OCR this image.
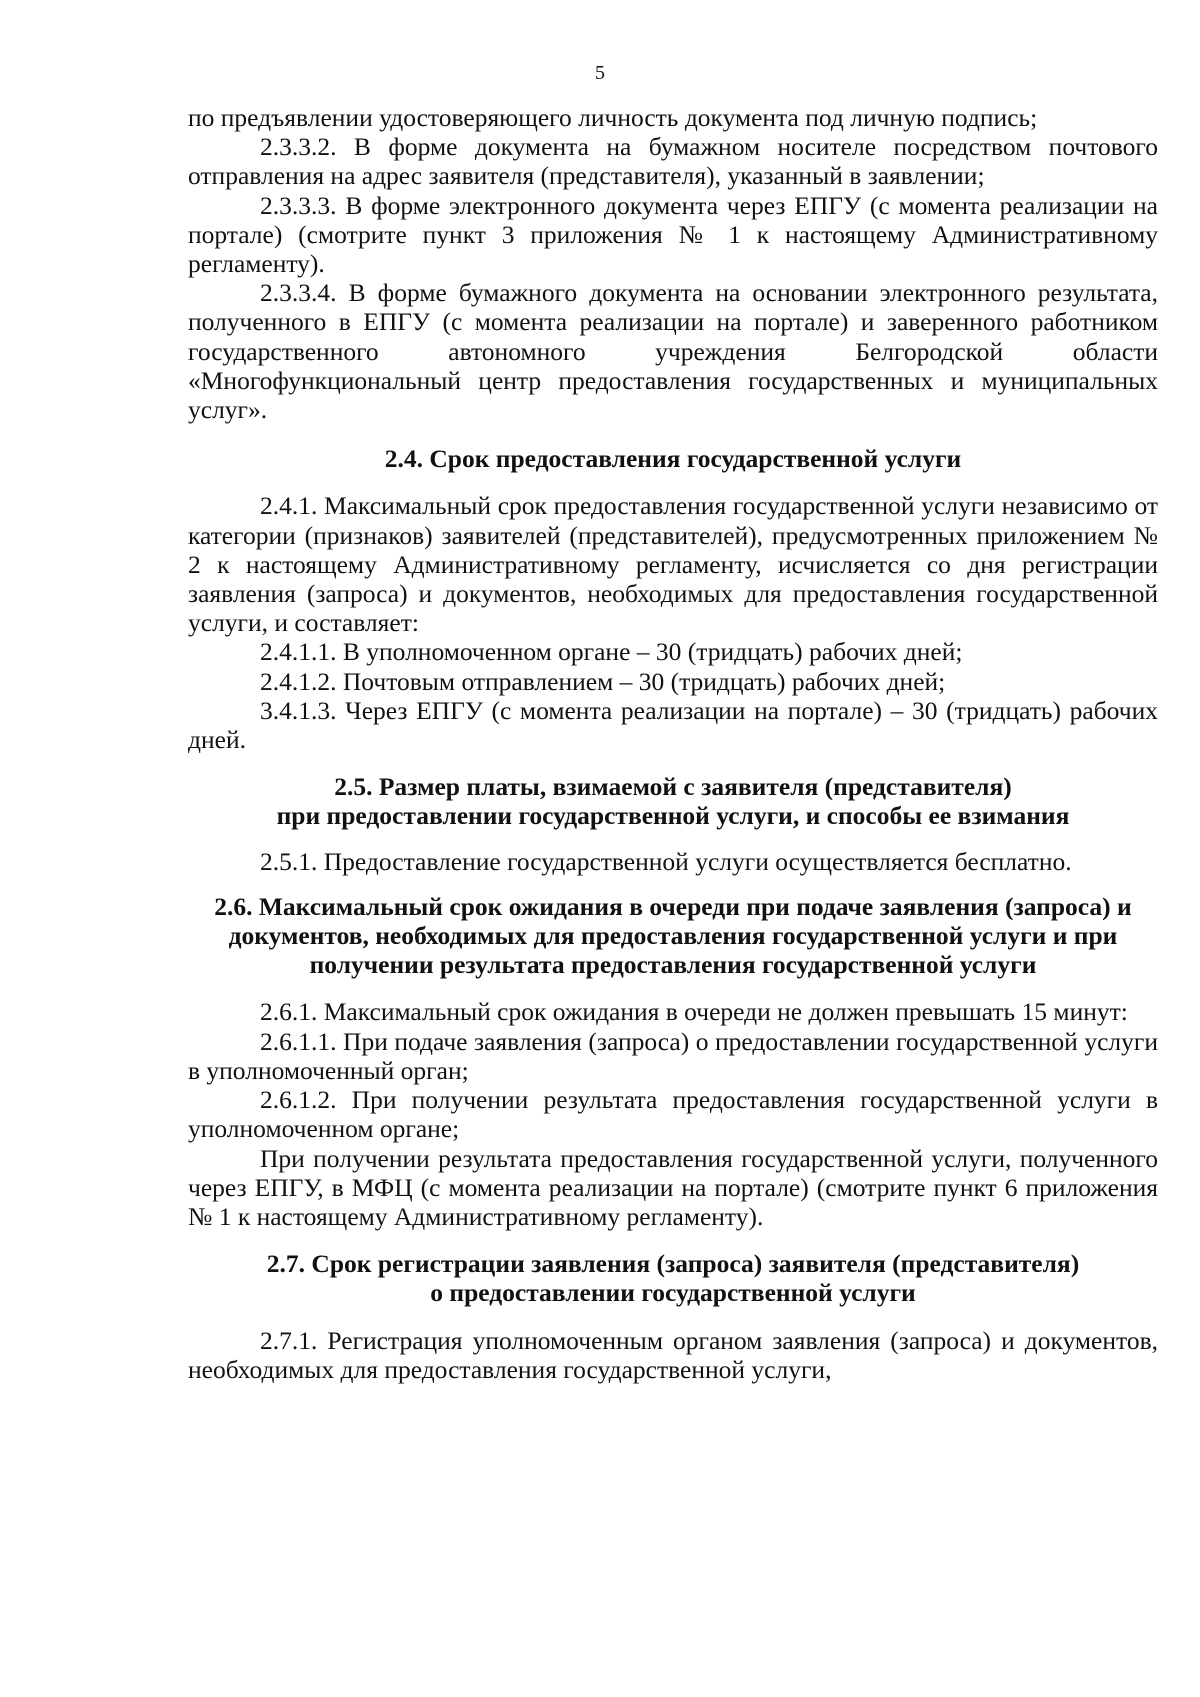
5

по предъявлении удостоверяющего личность документа под личную подпись;

2.3.3.2. В форме документа на бумажном носителе посредством почтового отправления на адрес заявителя (представителя), указанный в заявлении;

2.3.3.3. В форме электронного документа через ЕПГУ (с момента реализации на портале) (смотрите пункт 3 приложения № 1 к настоящему Административному регламенту).

2.3.3.4. В форме бумажного документа на основании электронного результата, полученного в ЕПГУ (с момента реализации на портале) и заверенного работником государственного автономного учреждения Белгородской области «Многофункциональный центр предоставления государственных и муниципальных услуг».

2.4. Срок предоставления государственной услуги

2.4.1. Максимальный срок предоставления государственной услуги независимо от категории (признаков) заявителей (представителей), предусмотренных приложением № 2 к настоящему Административному регламенту, исчисляется со дня регистрации заявления (запроса) и документов, необходимых для предоставления государственной услуги, и составляет:

2.4.1.1. В уполномоченном органе – 30 (тридцать) рабочих дней;

2.4.1.2. Почтовым отправлением – 30 (тридцать) рабочих дней;

3.4.1.3. Через ЕПГУ (с момента реализации на портале) – 30 (тридцать) рабочих дней.

2.5. Размер платы, взимаемой с заявителя (представителя)
при предоставлении государственной услуги, и способы ее взимания

2.5.1. Предоставление государственной услуги осуществляется бесплатно.

2.6. Максимальный срок ожидания в очереди при подаче заявления (запроса) и документов, необходимых для предоставления государственной услуги и при получении результата предоставления государственной услуги

2.6.1. Максимальный срок ожидания в очереди не должен превышать 15 минут:

2.6.1.1. При подаче заявления (запроса) о предоставлении государственной услуги в уполномоченный орган;

2.6.1.2. При получении результата предоставления государственной услуги в уполномоченном органе;

При получении результата предоставления государственной услуги, полученного через ЕПГУ, в МФЦ (с момента реализации на портале) (смотрите пункт 6 приложения № 1 к настоящему Административному регламенту).

2.7. Срок регистрации заявления (запроса) заявителя (представителя)
о предоставлении государственной услуги

2.7.1. Регистрация уполномоченным органом заявления (запроса) и документов, необходимых для предоставления государственной услуги,
